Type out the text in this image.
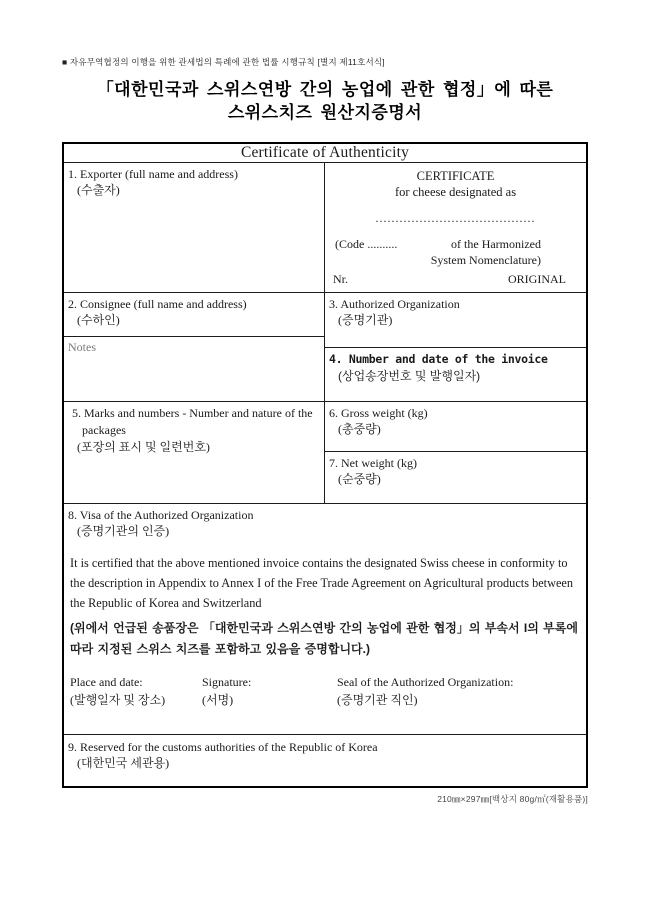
■ 자유무역협정의 이행을 위한 관세법의 특례에 관한 법률 시행규칙 [별지 제11호서식]
「대한민국과 스위스연방 간의 농업에 관한 협정」에 따른
스위스치즈 원산지증명서
Certificate of Authenticity
1. Exporter (full name and address)
(수출자)
CERTIFICATE
for cheese designated as
........................................
(Code ..........	of the Harmonized
System Nomenclature)
Nr.	ORIGINAL
2. Consignee (full name and address)
(수하인)
Notes
3. Authorized Organization
(증명기관)
4. Number and date of the invoice
(상업송장번호 및 발행일자)
5. Marks and numbers - Number and nature of the packages
(포장의 표시 및 일련번호)
6. Gross weight (kg)
(총중량)
7. Net weight (kg)
(순중량)
8. Visa of the Authorized Organization
(증명기관의 인증)
It is certified that the above mentioned invoice contains the designated Swiss cheese in conformity to the description in Appendix to Annex I of the Free Trade Agreement on Agricultural products between the Republic of Korea and Switzerland
(위에서 언급된 송품장은 「대한민국과 스위스연방 간의 농업에 관한 협정」의 부속서 I의 부록에 따라 지정된 스위스 치즈를 포함하고 있음을 증명합니다.)
Place and date:
(발행일자 및 장소)
Signature:
(서명)
Seal of the Authorized Organization:
(증명기관 직인)
9. Reserved for the customs authorities of the Republic of Korea
(대한민국 세관용)
210㎜×297㎜[백상지 80g/㎡(재활용품)]
